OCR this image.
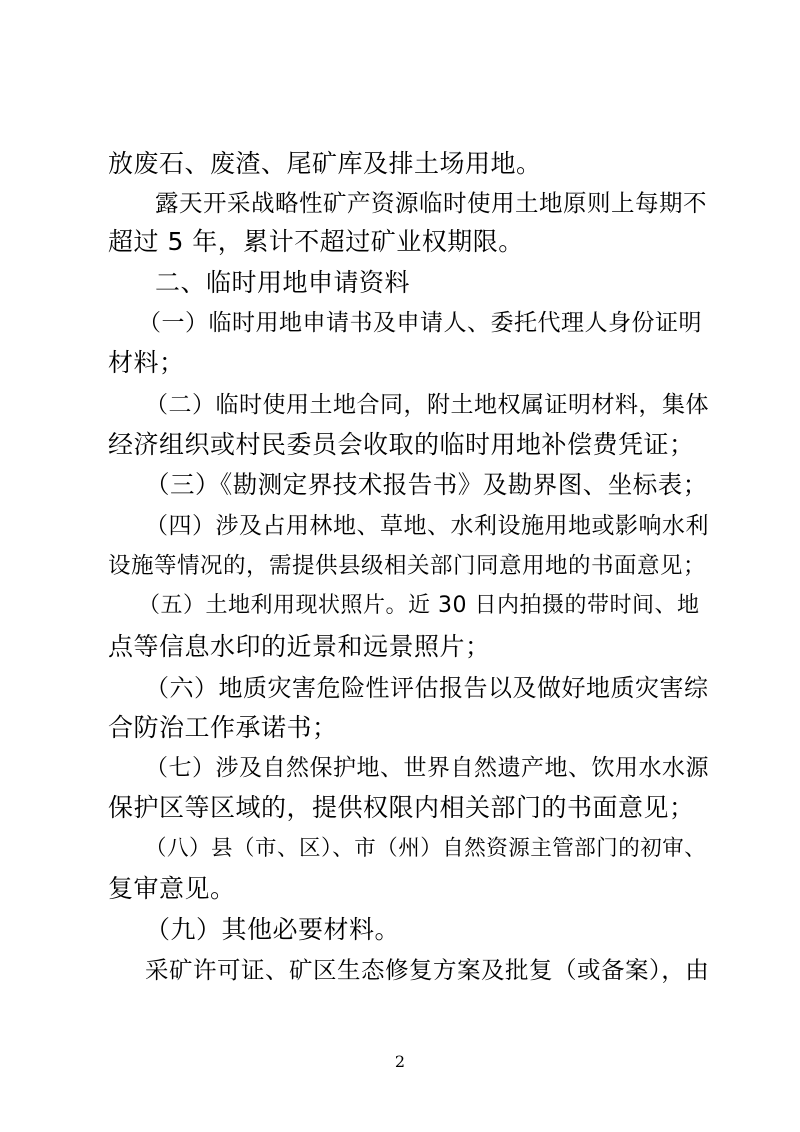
放废石、废渣、尾矿库及排土场用地。
露天开采战略性矿产资源临时使用土地原则上每期不
超过 5 年，累计不超过矿业权期限。
二、临时用地申请资料
（一）临时用地申请书及申请人、委托代理人身份证明
材料；
（二）临时使用土地合同，附土地权属证明材料，集体
经济组织或村民委员会收取的临时用地补偿费凭证；
（三）《勘测定界技术报告书》及勘界图、坐标表；
（四）涉及占用林地、草地、水利设施用地或影响水利
设施等情况的，需提供县级相关部门同意用地的书面意见；
（五）土地利用现状照片。近 30 日内拍摄的带时间、地
点等信息水印的近景和远景照片；
（六）地质灾害危险性评估报告以及做好地质灾害综
合防治工作承诺书；
（七）涉及自然保护地、世界自然遗产地、饮用水水源
保护区等区域的，提供权限内相关部门的书面意见；
（八）县（市、区）、市（州）自然资源主管部门的初审、
复审意见。
（九）其他必要材料。
采矿许可证、矿区生态修复方案及批复（或备案），由
2
